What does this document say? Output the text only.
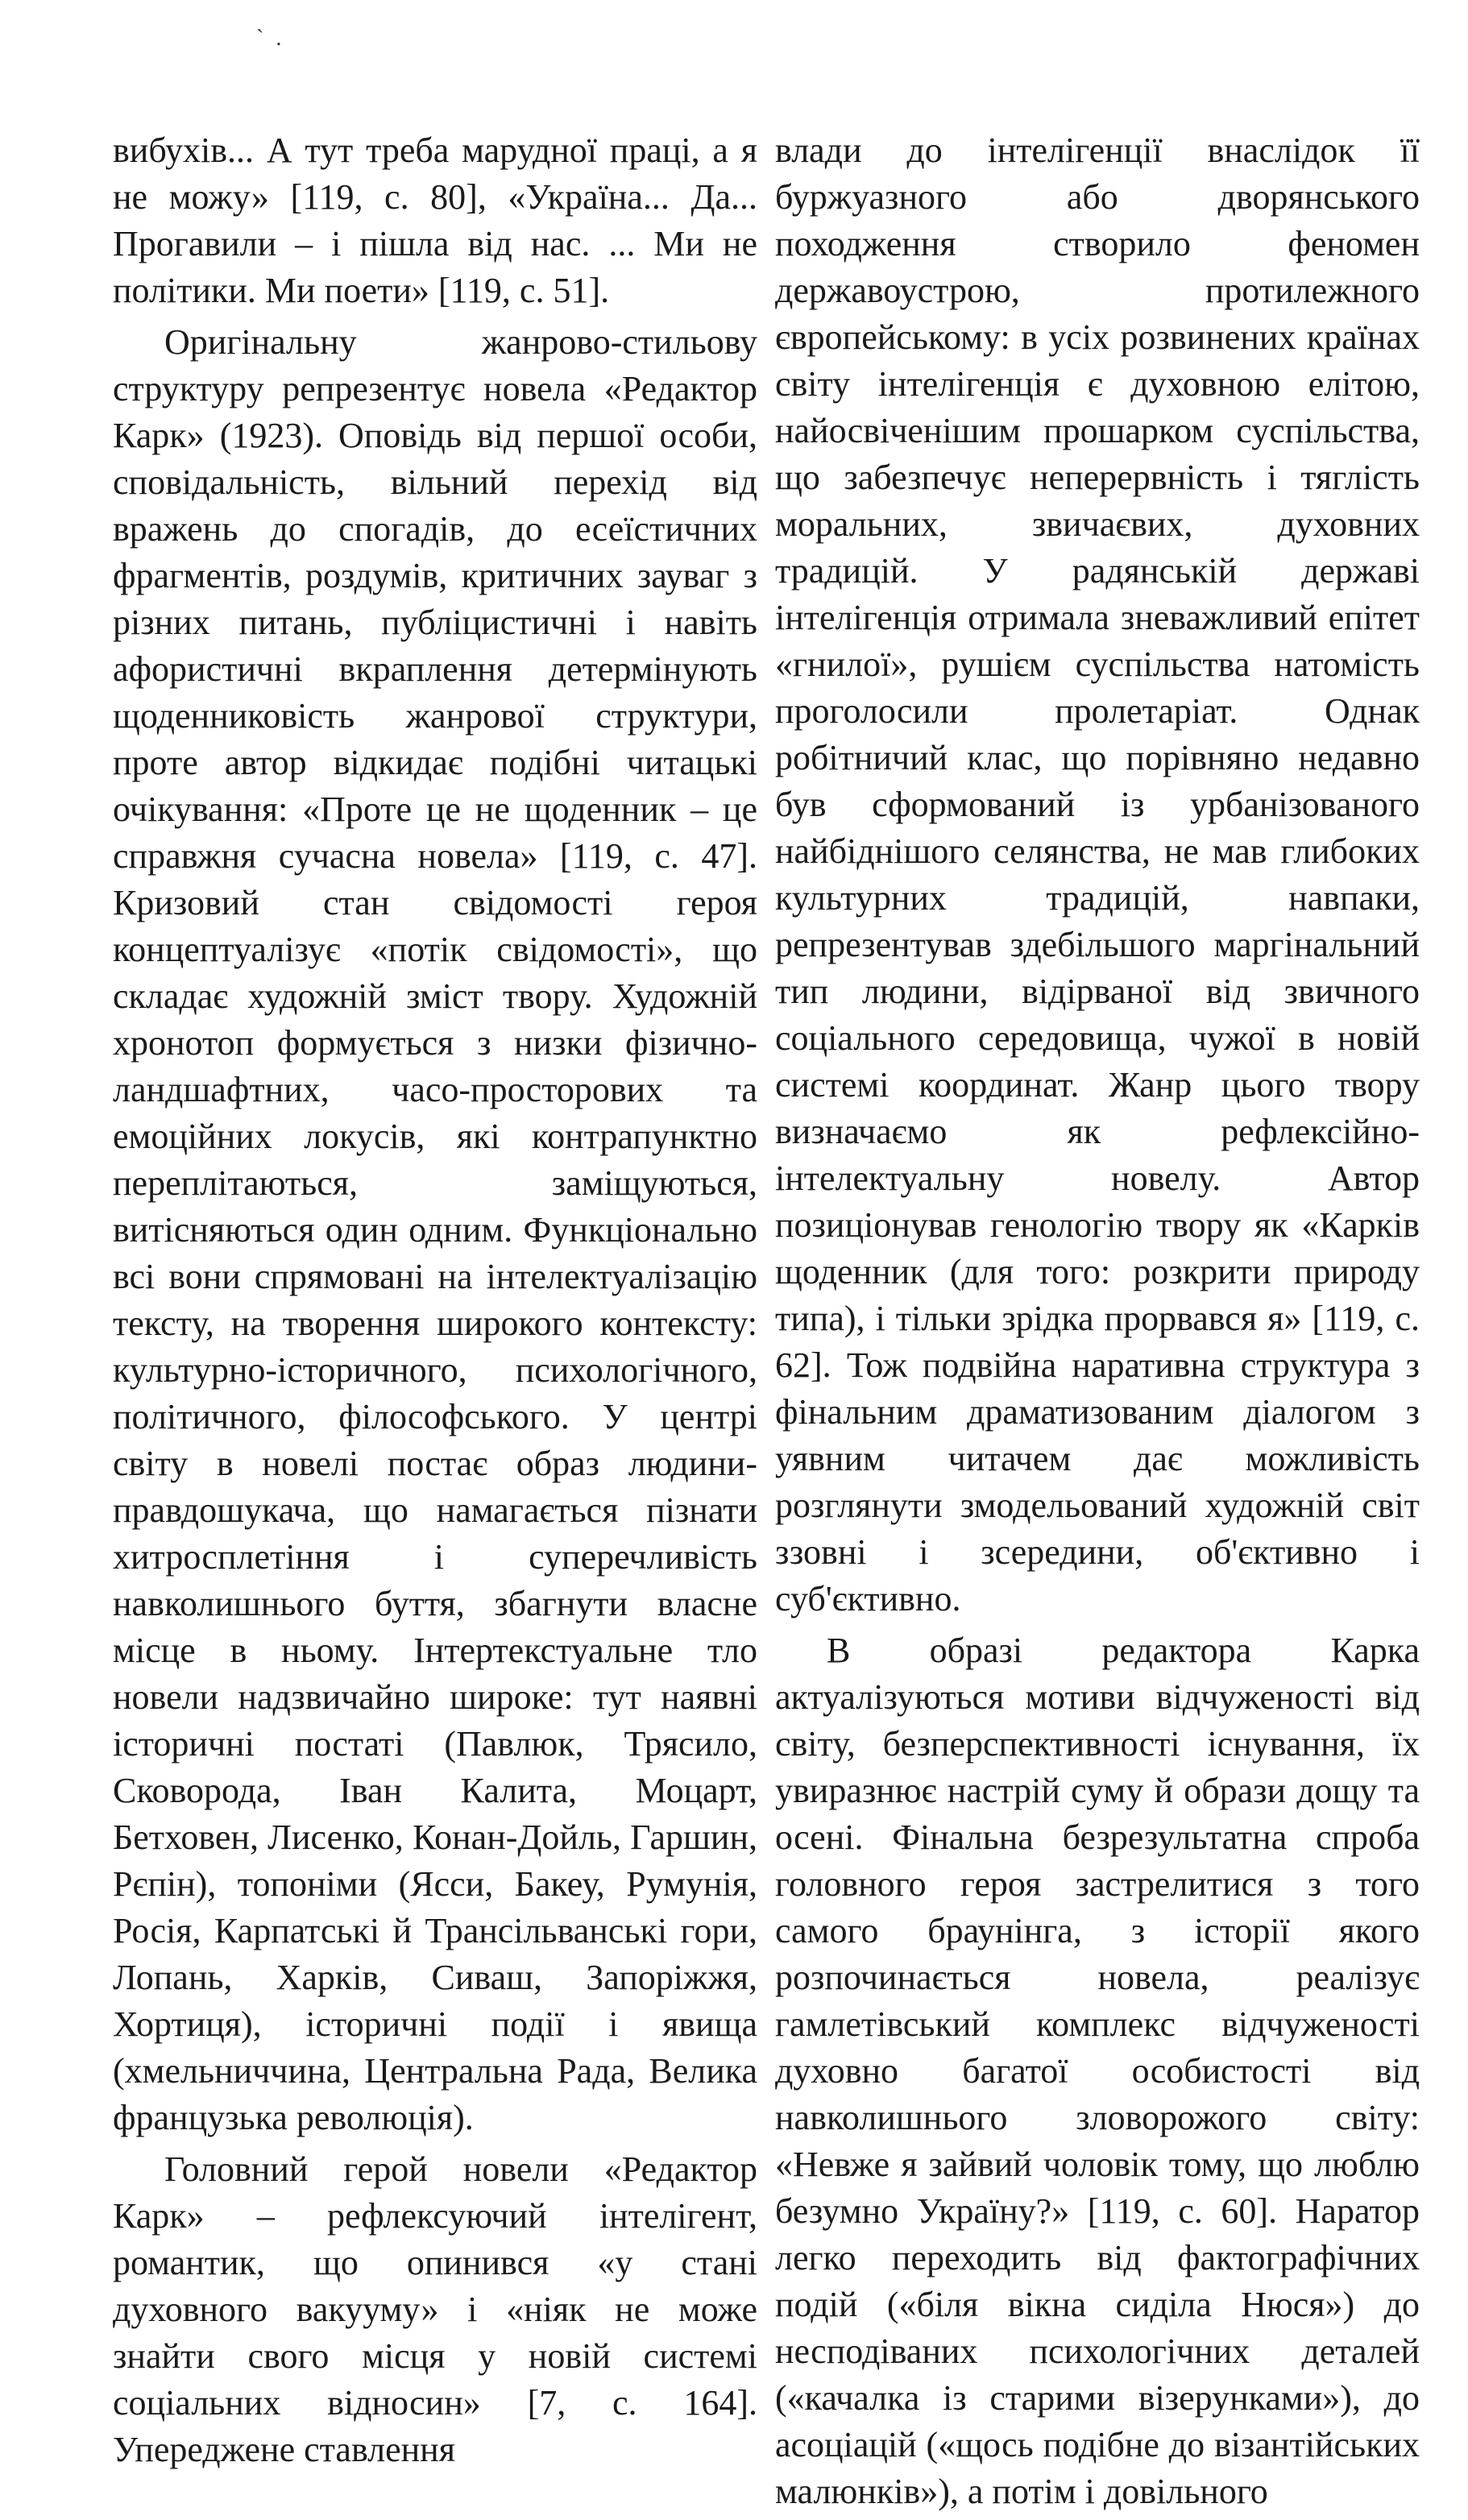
` .

вибухів... А тут треба марудної праці, а я не можу» [119, с. 80], «Україна... Да... Прогавили – і пішла від нас. ... Ми не політики. Ми поети» [119, с. 51].

Оригінальну жанрово-стильову структуру репрезентує новела «Редактор Карк» (1923). Оповідь від першої особи, сповідальність, вільний перехід від вражень до спогадів, до есеїстичних фрагментів, роздумів, критичних зауваг з різних питань, публіцистичні і навіть афористичні вкраплення детермінують щоденниковість жанрової структури, проте автор відкидає подібні читацькі очікування: «Проте це не щоденник – це справжня сучасна новела» [119, с. 47]. Кризовий стан свідомості героя концептуалізує «потік свідомості», що складає художній зміст твору. Художній хронотоп формується з низки фізично-ландшафтних, часо-просторових та емоційних локусів, які контрапунктно переплітаються, заміщуються, витісняються один одним. Функціонально всі вони спрямовані на інтелектуалізацію тексту, на творення широкого контексту: культурно-історичного, психологічного, політичного, філософського. У центрі світу в новелі постає образ людини-правдошукача, що намагається пізнати хитросплетіння і суперечливість навколишнього буття, збагнути власне місце в ньому. Інтертекстуальне тло новели надзвичайно широке: тут наявні історичні постаті (Павлюк, Трясило, Сковорода, Іван Калита, Моцарт, Бетховен, Лисенко, Конан-Дойль, Гаршин, Рєпін), топоніми (Ясси, Бакеу, Румунія, Росія, Карпатські й Трансільванські гори, Лопань, Харків, Сиваш, Запоріжжя, Хортиця), історичні події і явища (хмельниччина, Центральна Рада, Велика французька революція).

Головний герой новели «Редактор Карк» – рефлексуючий інтелігент, романтик, що опинився «у стані духовного вакууму» і «ніяк не може знайти свого місця у новій системі соціальних відносин» [7, с. 164]. Упереджене ставлення

влади до інтелігенції внаслідок її буржуазного або дворянського походження створило феномен державоустрою, протилежного європейському: в усіх розвинених країнах світу інтелігенція є духовною елітою, найосвіченішим прошарком суспільства, що забезпечує неперервність і тяглість моральних, звичаєвих, духовних традицій. У радянській державі інтелігенція отримала зневажливий епітет «гнилої», рушієм суспільства натомість проголосили пролетаріат. Однак робітничий клас, що порівняно недавно був сформований із урбанізованого найбіднішого селянства, не мав глибоких культурних традицій, навпаки, репрезентував здебільшого маргінальний тип людини, відірваної від звичного соціального середовища, чужої в новій системі координат. Жанр цього твору визначаємо як рефлексійно-інтелектуальну новелу. Автор позиціонував генологію твору як «Карків щоденник (для того: розкрити природу типа), і тільки зрідка прорвався я» [119, с. 62]. Тож подвійна наративна структура з фінальним драматизованим діалогом з уявним читачем дає можливість розглянути змодельований художній світ ззовні і зсередини, об'єктивно і суб'єктивно.

В образі редактора Карка актуалізуються мотиви відчуженості від світу, безперспективності існування, їх увиразнює настрій суму й образи дощу та осені. Фінальна безрезультатна спроба головного героя застрелитися з того самого браунінга, з історії якого розпочинається новела, реалізує гамлетівський комплекс відчуженості духовно багатої особистості від навколишнього зловорожого світу: «Невже я зайвий чоловік тому, що люблю безумно Україну?» [119, с. 60]. Наратор легко переходить від фактографічних подій («біля вікна сиділа Нюся») до несподіваних психологічних деталей («качалка із старими візерунками»), до асоціацій («щось подібне до візантійських малюнків»), а потім і довільного
